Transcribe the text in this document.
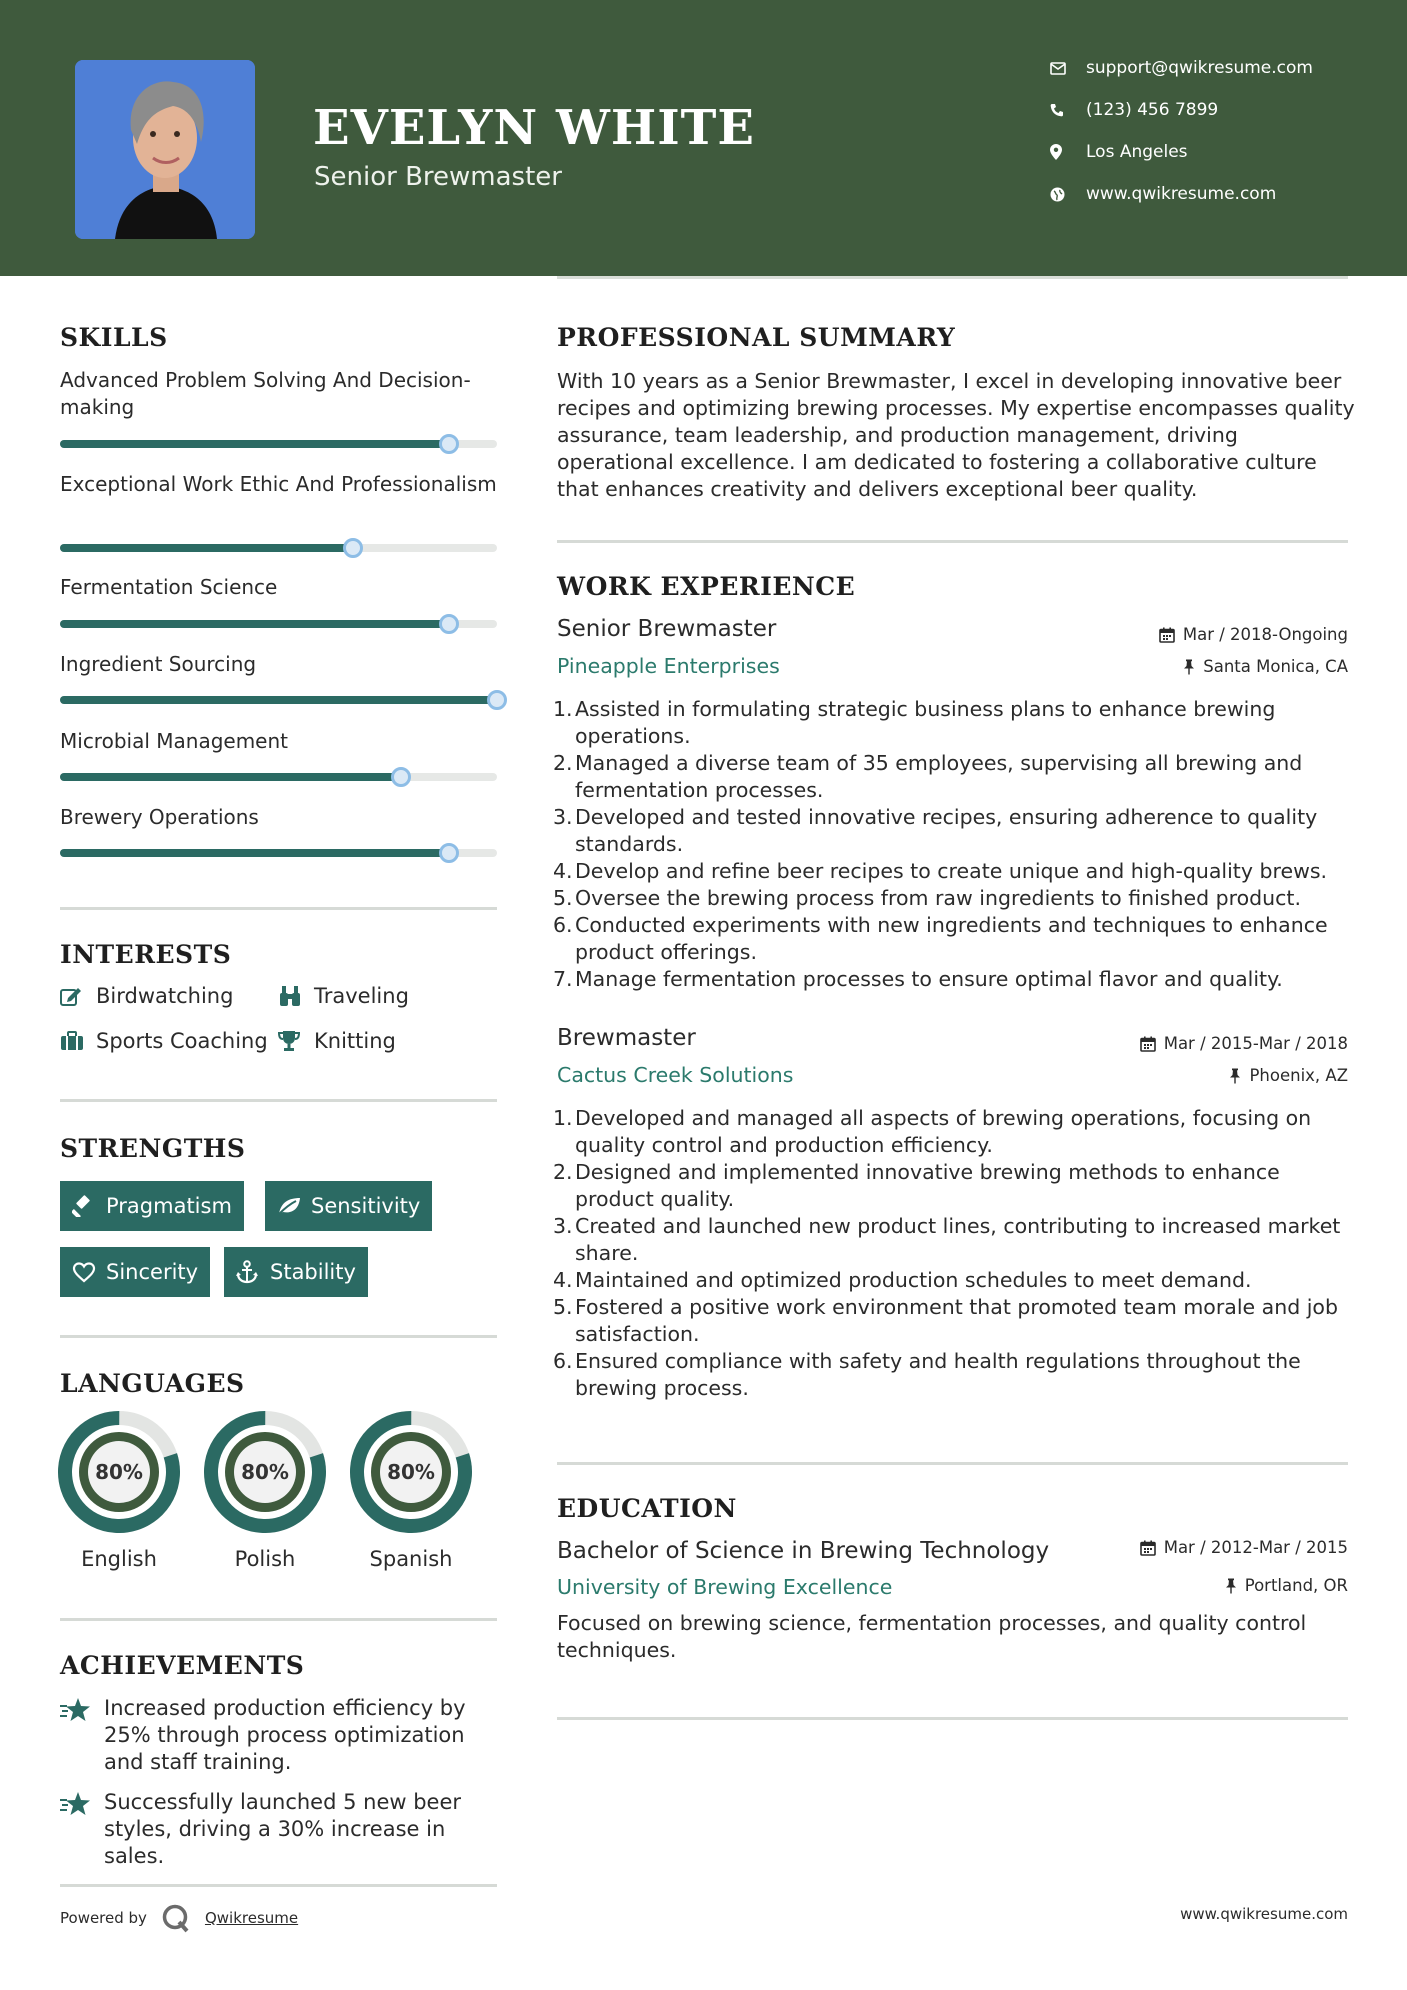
EVELYN WHITE
Senior Brewmaster
support@qwikresume.com
(123) 456 7899
Los Angeles
www.qwikresume.com
SKILLS
Advanced Problem Solving And Decision-making
Exceptional Work Ethic And Professionalism
Fermentation Science
Ingredient Sourcing
Microbial Management
Brewery Operations
INTERESTS
Birdwatching	Traveling
Sports Coaching Knitting
STRENGTHS
Pragmatism	Sensitivity
Sincerity	Stability
LANGUAGES
80%
English
80%
Polish
80%
Spanish
ACHIEVEMENTS
Increased production efficiency by 25% through process optimization and staff training.
Successfully launched 5 new beer styles, driving a 30% increase in sales.
PROFESSIONAL SUMMARY
With 10 years as a Senior Brewmaster, I excel in developing innovative beer recipes and optimizing brewing processes. My expertise encompasses quality assurance, team leadership, and production management, driving operational excellence. I am dedicated to fostering a collaborative culture that enhances creativity and delivers exceptional beer quality.
WORK EXPERIENCE
Senior Brewmaster	Mar / 2018-Ongoing
Pineapple Enterprises	Santa Monica, CA
1. Assisted in formulating strategic business plans to enhance brewing operations.
2. Managed a diverse team of 35 employees, supervising all brewing and fermentation processes.
3. Developed and tested innovative recipes, ensuring adherence to quality standards.
4. Develop and refine beer recipes to create unique and high-quality brews.
5. Oversee the brewing process from raw ingredients to finished product.
6. Conducted experiments with new ingredients and techniques to enhance product offerings.
7. Manage fermentation processes to ensure optimal flavor and quality.
Brewmaster	Mar / 2015-Mar / 2018
Cactus Creek Solutions	Phoenix, AZ
1. Developed and managed all aspects of brewing operations, focusing on quality control and production efficiency.
2. Designed and implemented innovative brewing methods to enhance product quality.
3. Created and launched new product lines, contributing to increased market share.
4. Maintained and optimized production schedules to meet demand.
5. Fostered a positive work environment that promoted team morale and job satisfaction.
6. Ensured compliance with safety and health regulations throughout the brewing process.
EDUCATION
Bachelor of Science in Brewing Technology	Mar / 2012-Mar / 2015
University of Brewing Excellence	Portland, OR
Focused on brewing science, fermentation processes, and quality control techniques.
Powered by	Qwikresume	www.qwikresume.com
